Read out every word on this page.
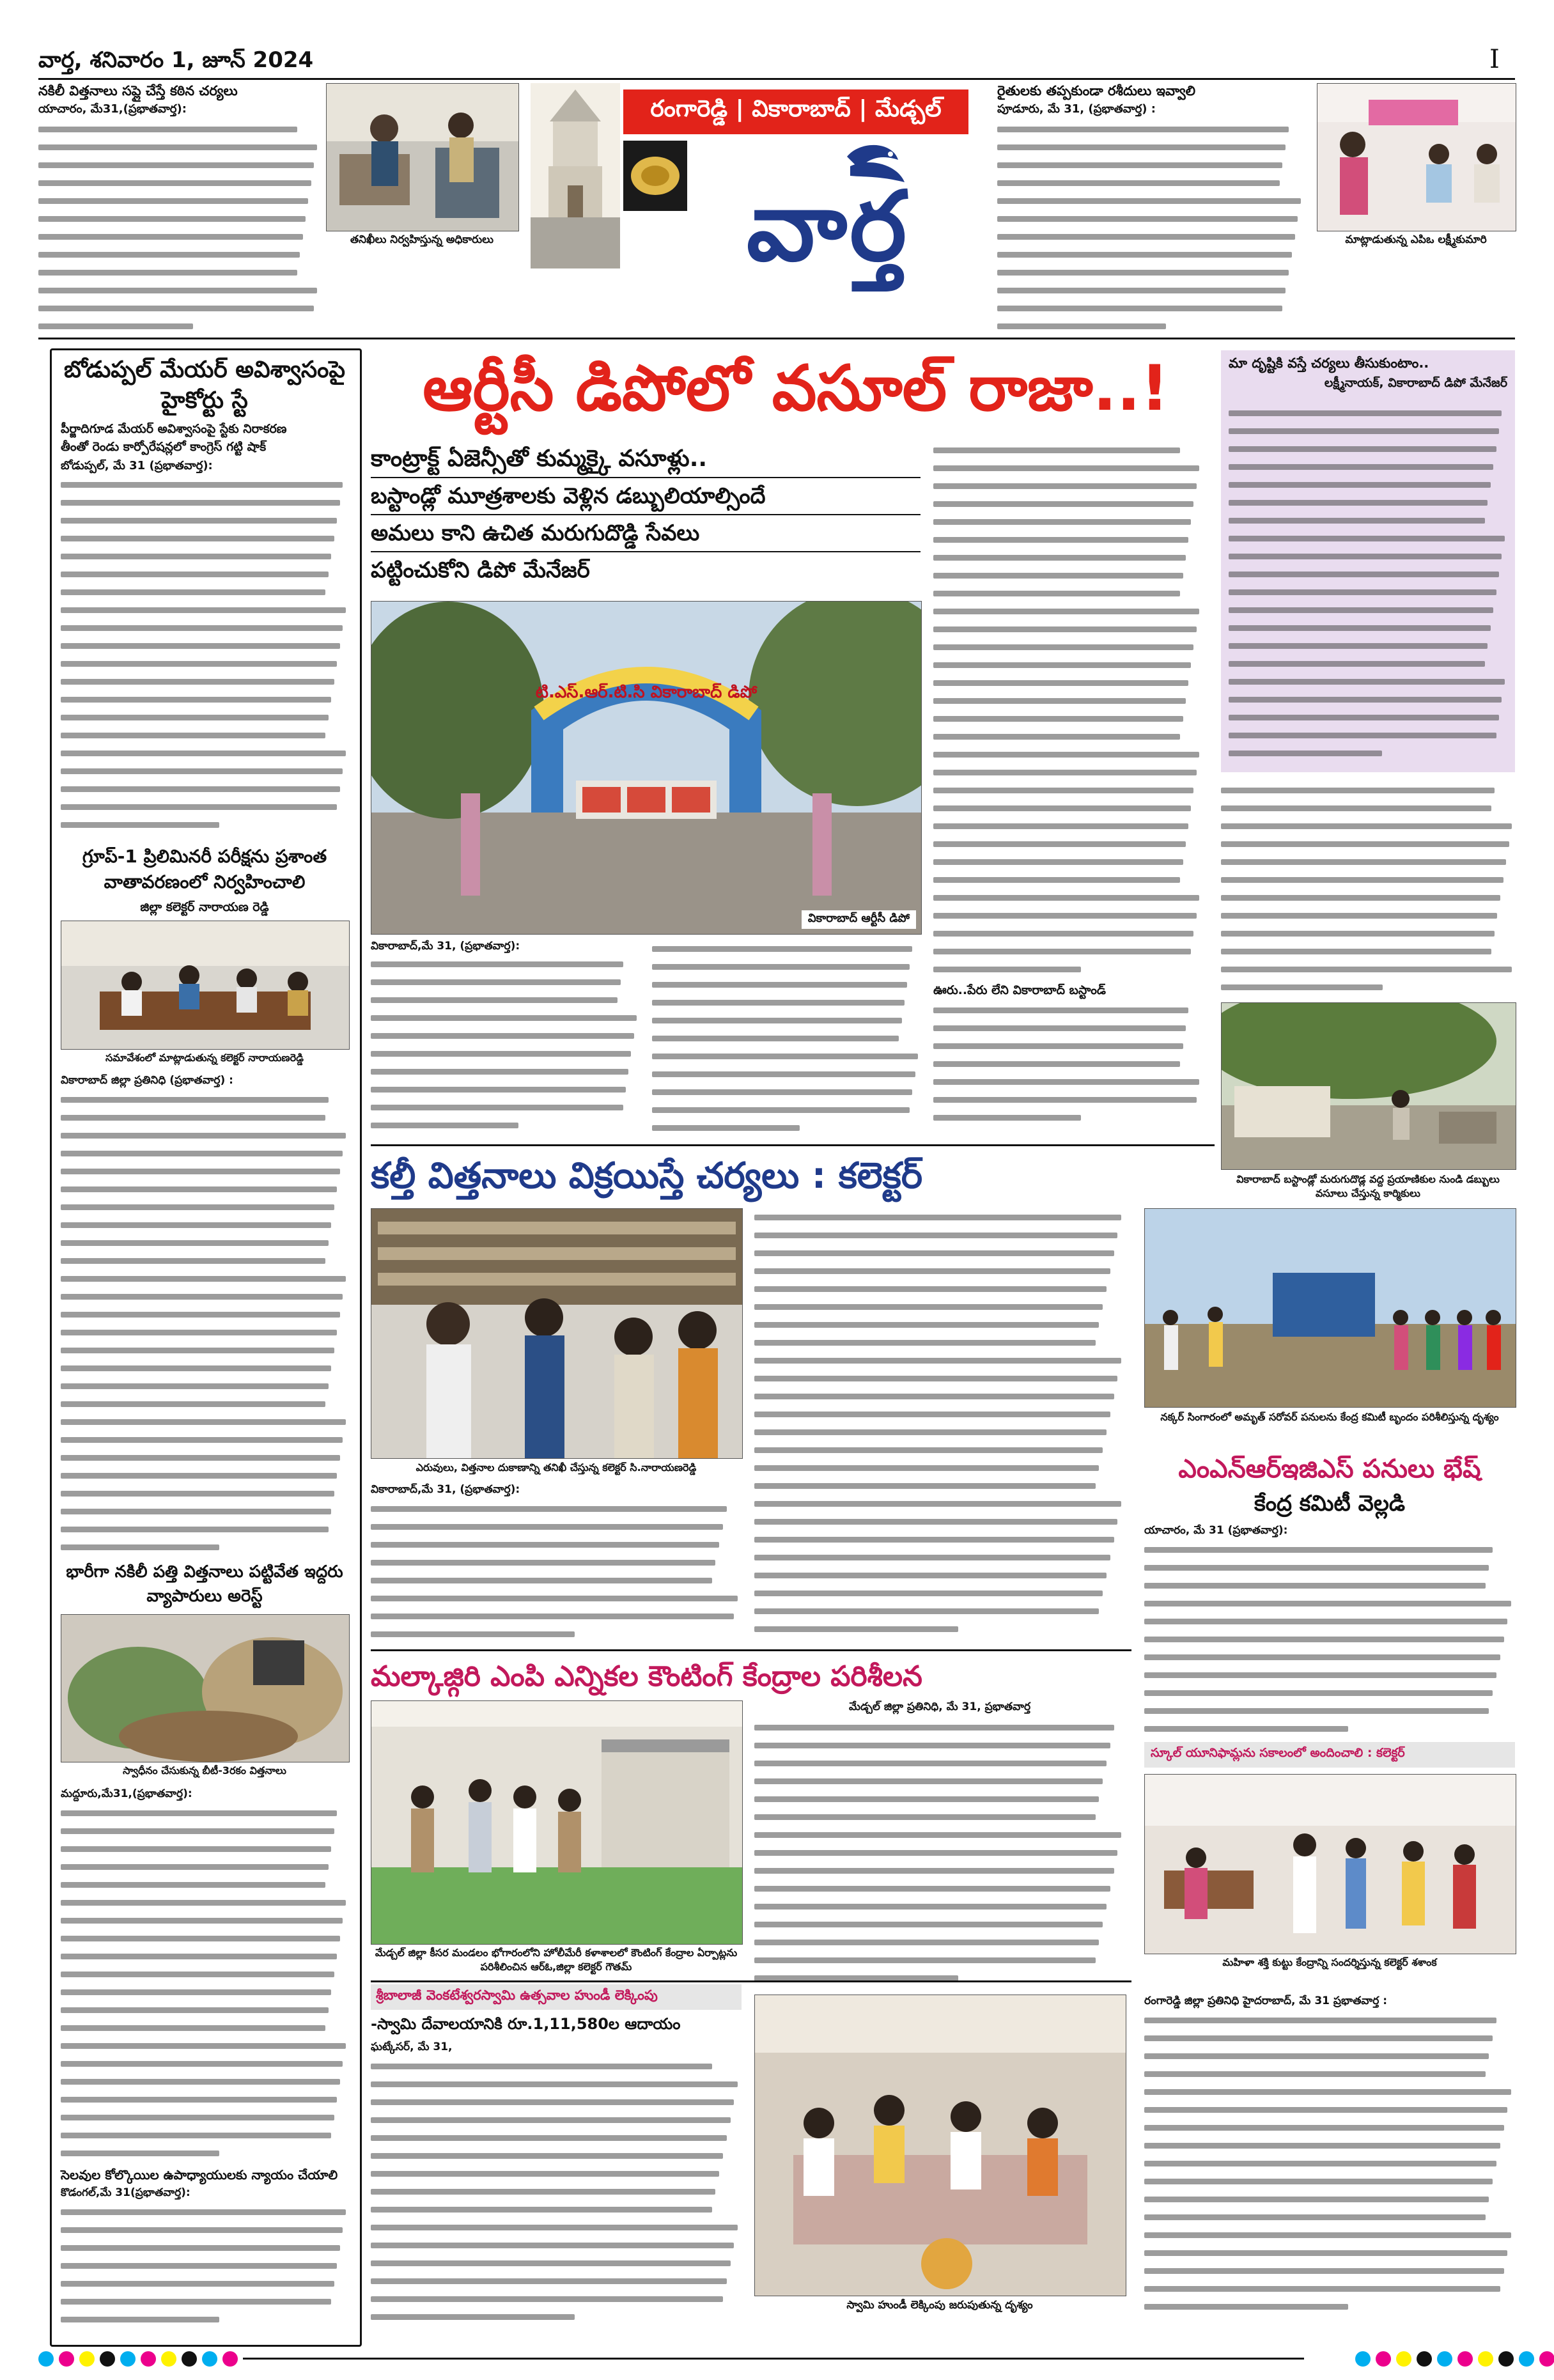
వార్త, శనివారం 1, జూన్ 2024	I
నకిలీ విత్తనాలు సప్లై చేస్తే కఠిన చర్యలు
యాచారం, మే31,(ప్రభాతవార్త):
తనిఖీలు నిర్వహిస్తున్న అధికారులు
రంగారెడ్డి | వికారాబాద్ | మేడ్చల్
వార్త
రైతులకు తప్పకుండా రశీదులు ఇవ్వాలి
పూడూరు, మే 31, (ప్రభాతవార్త) :
మాట్లాడుతున్న ఎపిఒ లక్ష్మీకుమారి
బోడుప్పల్ మేయర్ అవిశ్వాసంపై హైకోర్టు స్టే
పీర్జాదిగూడ మేయర్ అవిశ్వాసంపై స్టేకు నిరాకరణ
తీంతో రెండు కార్పోరేషన్లలో కాంగ్రెస్ గట్టి షాక్
బోడుప్పల్, మే 31 (ప్రభాతవార్త):
గ్రూప్-1 ప్రిలిమినరీ పరీక్షను ప్రశాంత వాతావరణంలో నిర్వహించాలి
జిల్లా కలెక్టర్ నారాయణ రెడ్డి
సమావేశంలో మాట్లాడుతున్న కలెక్టర్ నారాయణరెడ్డి
వికారాబాద్ జిల్లా ప్రతినిధి (ప్రభాతవార్త) :
భారీగా నకిలీ పత్తి విత్తనాలు పట్టివేత ఇద్దరు వ్యాపారులు అరెస్ట్
స్వాధీనం చేసుకున్న బీటీ-3రకం విత్తనాలు
మద్దూరు,మే31,(ప్రభాతవార్త):
సెలవుల కోల్కొయిల ఉపాధ్యాయులకు న్యాయం చేయాలి
కొడంగల్,మే 31(ప్రభాతవార్త):
ఆర్టీసీ డిపోలో వసూల్ రాజా..!
కాంట్రాక్ట్ ఏజెన్సీతో కుమ్మక్కై వసూళ్లు..
బస్టాండ్లో మూత్రశాలకు వెళ్లిన డబ్బులియాల్సిందే
అమలు కాని ఉచిత మరుగుదొడ్డి సేవలు
పట్టించుకోని డిపో మేనేజర్
టి.ఎస్.ఆర్.టి.సి వికారాబాద్ డిపో
వికారాబాద్ ఆర్టీసీ డిపో
వికారాబాద్,మే 31, (ప్రభాతవార్త):
ఊరు..పేరు లేని వికారాబాద్ బస్టాండ్
మా దృష్టికి వస్తే చర్యలు తీసుకుంటాం..
లక్ష్మీనాయక్, వికారాబాద్ డిపో మేనేజర్
వికారాబాద్ బస్టాండ్లో మరుగుదొడ్ల వద్ద ప్రయాణికుల నుండి డబ్బులు వసూలు చేస్తున్న కార్మికులు
కల్తీ విత్తనాలు విక్రయిస్తే చర్యలు : కలెక్టర్
ఎరువులు, విత్తనాల దుకాణాన్ని తనిఖీ చేస్తున్న కలెక్టర్ సి.నారాయణరెడ్డి
వికారాబాద్,మే 31, (ప్రభాతవార్త):
నక్కర్ సింగారంలో అమృత్ సరోవర్ పనులను కేంద్ర కమిటీ బృందం పరిశీలిస్తున్న దృశ్యం
ఎంఎన్ఆర్ఇజిఎస్ పనులు భేష్
కేంద్ర కమిటీ వెల్లడి
యాచారం, మే 31 (ప్రభాతవార్త):
మల్కాజ్గిరి ఎంపి ఎన్నికల కౌంటింగ్ కేంద్రాల పరిశీలన
మేడ్చల్ జిల్లా కీసర మండలం భోగారంలోని హోలీమేరీ కళాశాలలో కౌంటింగ్ కేంద్రాల ఏర్పాట్లను పరిశీలించిన ఆర్ఓ,జిల్లా కలెక్టర్ గౌతమ్
మేడ్చల్ జిల్లా ప్రతినిధి, మే 31, ప్రభాతవార్త
స్కూల్ యూనిఫామ్లను సకాలంలో అందించాలి : కలెక్టర్
మహిళా శక్తి కుట్టు కేంద్రాన్ని సందర్శిస్తున్న కలెక్టర్ శశాంక
శ్రీబాలాజీ వెంకటేశ్వరస్వామి ఉత్సవాల హుండీ లెక్కింపు
-స్వామి దేవాలయానికి రూ.1,11,580ల ఆదాయం
ఘట్కేసర్, మే 31,
స్వామి హుండీ లెక్కింపు జరుపుతున్న దృశ్యం
రంగారెడ్డి జిల్లా ప్రతినిధి హైదరాబాద్, మే 31 ప్రభాతవార్త :
